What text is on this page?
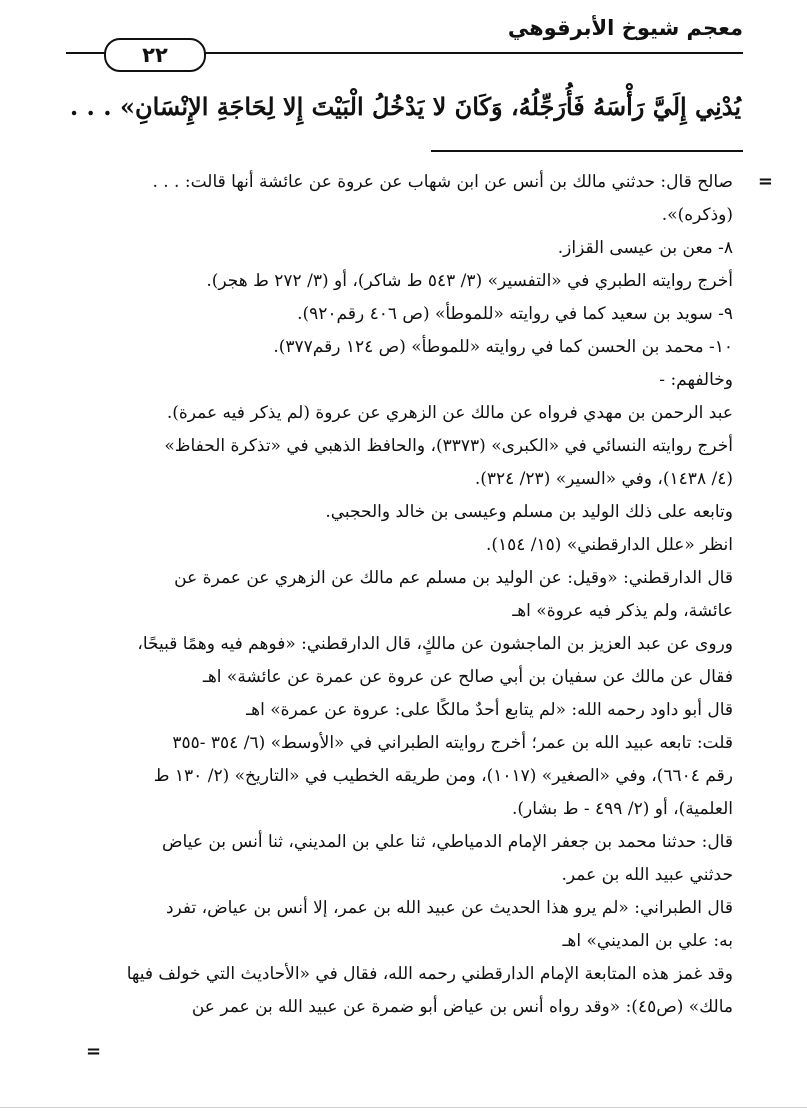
معجم شيوخ الأبرقوهي
٢٢
يُدْنِي إِلَيَّ رَأْسَهُ فَأُرَجِّلُهُ، وَكَانَ لا يَدْخُلُ الْبَيْتَ إِلا لِحَاجَةِ الإِنْسَانِ» . . .
=
صالح قال: حدثني مالك بن أنس عن ابن شهاب عن عروة عن عائشة أنها قالت: . . .
(وذكره)».
٨- معن بن عيسى القزاز.
أخرج روايته الطبري في «التفسير» (٣/ ٥٤٣ ط شاكر)، أو (٣/ ٢٧٢ ط هجر).
٩- سويد بن سعيد كما في روايته «للموطأ» (ص ٤٠٦ رقم٩٢٠).
١٠- محمد بن الحسن كما في روايته «للموطأ» (ص ١٢٤ رقم٣٧٧).
وخالفهم: -
عبد الرحمن بن مهدي فرواه عن مالك عن الزهري عن عروة (لم يذكر فيه عمرة).
أخرج روايته النسائي في «الكبرى» (٣٣٧٣)، والحافظ الذهبي في «تذكرة الحفاظ»
(٤/ ١٤٣٨)، وفي «السير» (٢٣/ ٣٢٤).
وتابعه على ذلك الوليد بن مسلم وعيسى بن خالد والحجبي.
انظر «علل الدارقطني» (١٥/ ١٥٤).
قال الدارقطني: «وقيل: عن الوليد بن مسلم عم مالك عن الزهري عن عمرة عن
عائشة، ولم يذكر فيه عروة» اهـ
وروى عن عبد العزيز بن الماجشون عن مالكٍ، قال الدارقطني: «فوهم فيه وهمًا قبيحًا،
فقال عن مالك عن سفيان بن أبي صالح عن عروة عن عمرة عن عائشة» اهـ
قال أبو داود رحمه الله: «لم يتابع أحدٌ مالكًا على: عروة عن عمرة» اهـ
قلت: تابعه عبيد الله بن عمر؛ أخرج روايته الطبراني في «الأوسط» (٦/ ٣٥٤ -٣٥٥
رقم ٦٦٠٤)، وفي «الصغير» (١٠١٧)، ومن طريقه الخطيب في «التاريخ» (٢/ ١٣٠ ط
العلمية)، أو (٢/ ٤٩٩ - ط بشار).
قال: حدثنا محمد بن جعفر الإمام الدمياطي، ثنا علي بن المديني، ثنا أنس بن عياض
حدثني عبيد الله بن عمر.
قال الطبراني: «لم يرو هذا الحديث عن عبيد الله بن عمر، إلا أنس بن عياض، تفرد
به: علي بن المديني» اهـ
وقد غمز هذه المتابعة الإمام الدارقطني رحمه الله، فقال في «الأحاديث التي خولف فيها
مالك» (ص٤٥): «وقد رواه أنس بن عياض أبو ضمرة عن عبيد الله بن عمر عن
=
